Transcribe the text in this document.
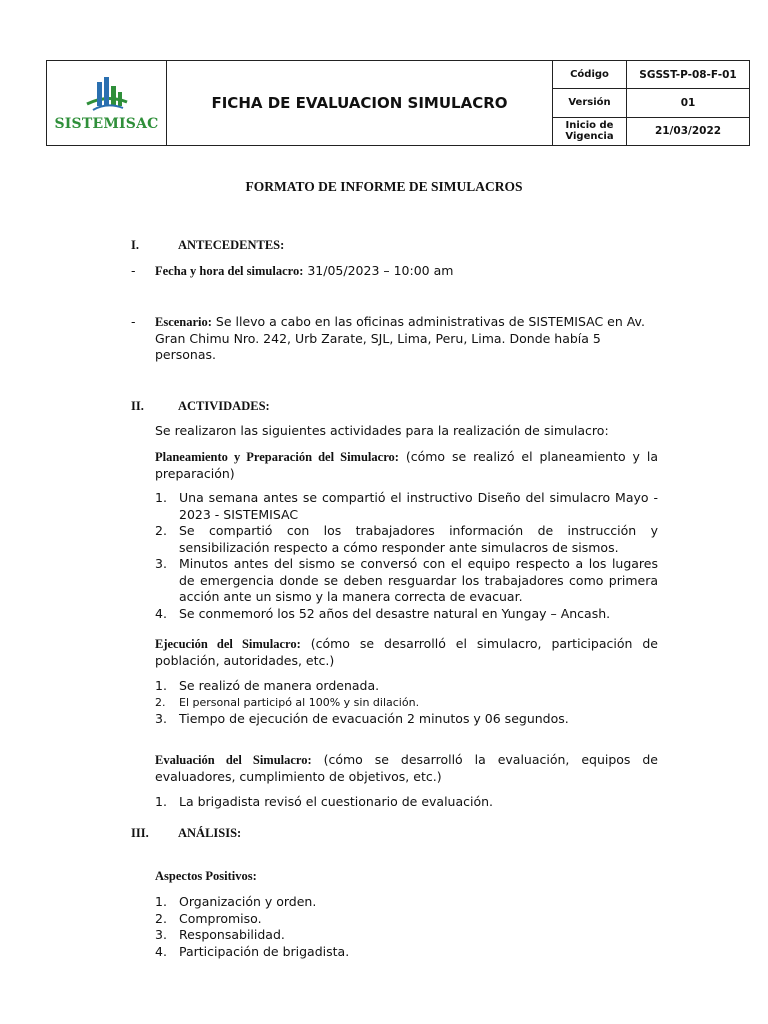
SISTEMISAC
FICHA DE EVALUACION SIMULACRO
Código	SGSST-P-08-F-01
Versión	01
Inicio de Vigencia	21/03/2022
FORMATO DE INFORME DE SIMULACROS
I.	ANTECEDENTES:
- Fecha y hora del simulacro: 31/05/2023 – 10:00 am
- Escenario: Se llevo a cabo en las oficinas administrativas de SISTEMISAC en Av. Gran Chimu Nro. 242, Urb Zarate, SJL, Lima, Peru, Lima. Donde había 5 personas.
II.	ACTIVIDADES:
Se realizaron las siguientes actividades para la realización de simulacro:
Planeamiento y Preparación del Simulacro: (cómo se realizó el planeamiento y la preparación)
1. Una semana antes se compartió el instructivo Diseño del simulacro Mayo - 2023 - SISTEMISAC
2. Se compartió con los trabajadores información de instrucción y sensibilización respecto a cómo responder ante simulacros de sismos.
3. Minutos antes del sismo se conversó con el equipo respecto a los lugares de emergencia donde se deben resguardar los trabajadores como primera acción ante un sismo y la manera correcta de evacuar.
4. Se conmemoró los 52 años del desastre natural en Yungay – Ancash.
Ejecución del Simulacro: (cómo se desarrolló el simulacro, participación de población, autoridades, etc.)
1. Se realizó de manera ordenada.
2. El personal participó al 100% y sin dilación.
3. Tiempo de ejecución de evacuación 2 minutos y 06 segundos.
Evaluación del Simulacro: (cómo se desarrolló la evaluación, equipos de evaluadores, cumplimiento de objetivos, etc.)
1. La brigadista revisó el cuestionario de evaluación.
III. ANÁLISIS:
Aspectos Positivos:
1. Organización y orden.
2. Compromiso.
3. Responsabilidad.
4. Participación de brigadista.
